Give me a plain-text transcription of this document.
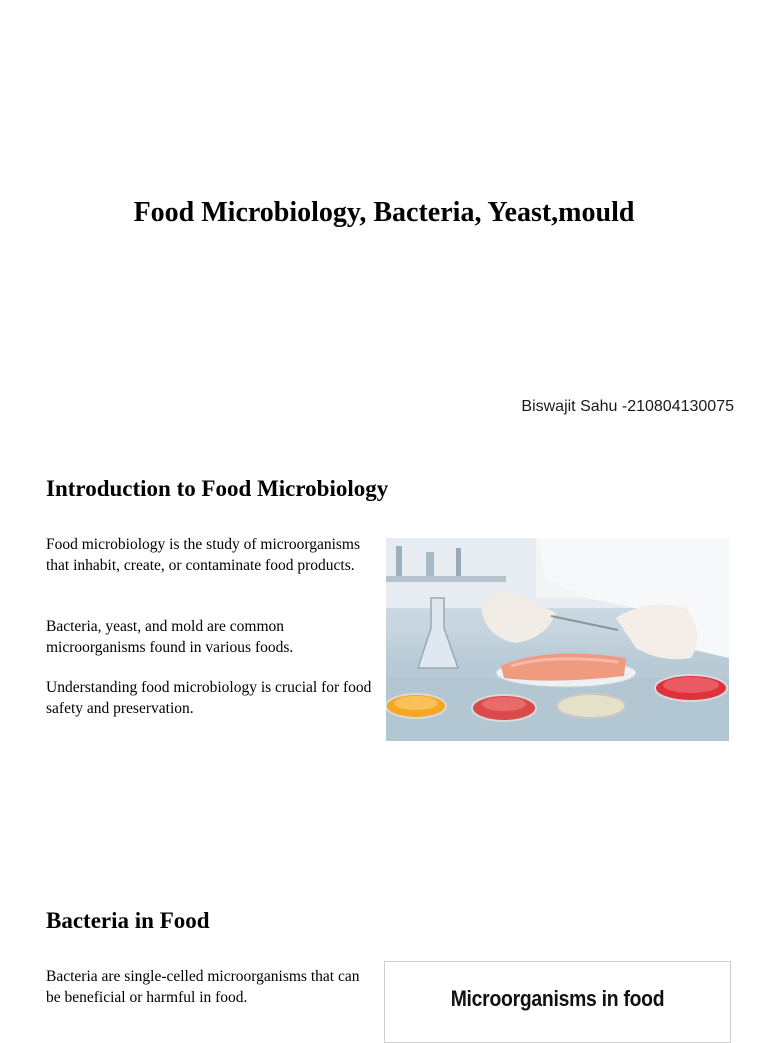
Food Microbiology, Bacteria, Yeast,mould
Biswajit Sahu -210804130075
Introduction to Food Microbiology

Food microbiology is the study of microorganisms that inhabit, create, or contaminate food products.

Bacteria, yeast, and mold are common microorganisms found in various foods.

Understanding food microbiology is crucial for food safety and preservation.

Bacteria in Food

Bacteria are single-celled microorganisms that can be beneficial or harmful in food.	Microorganisms in food
